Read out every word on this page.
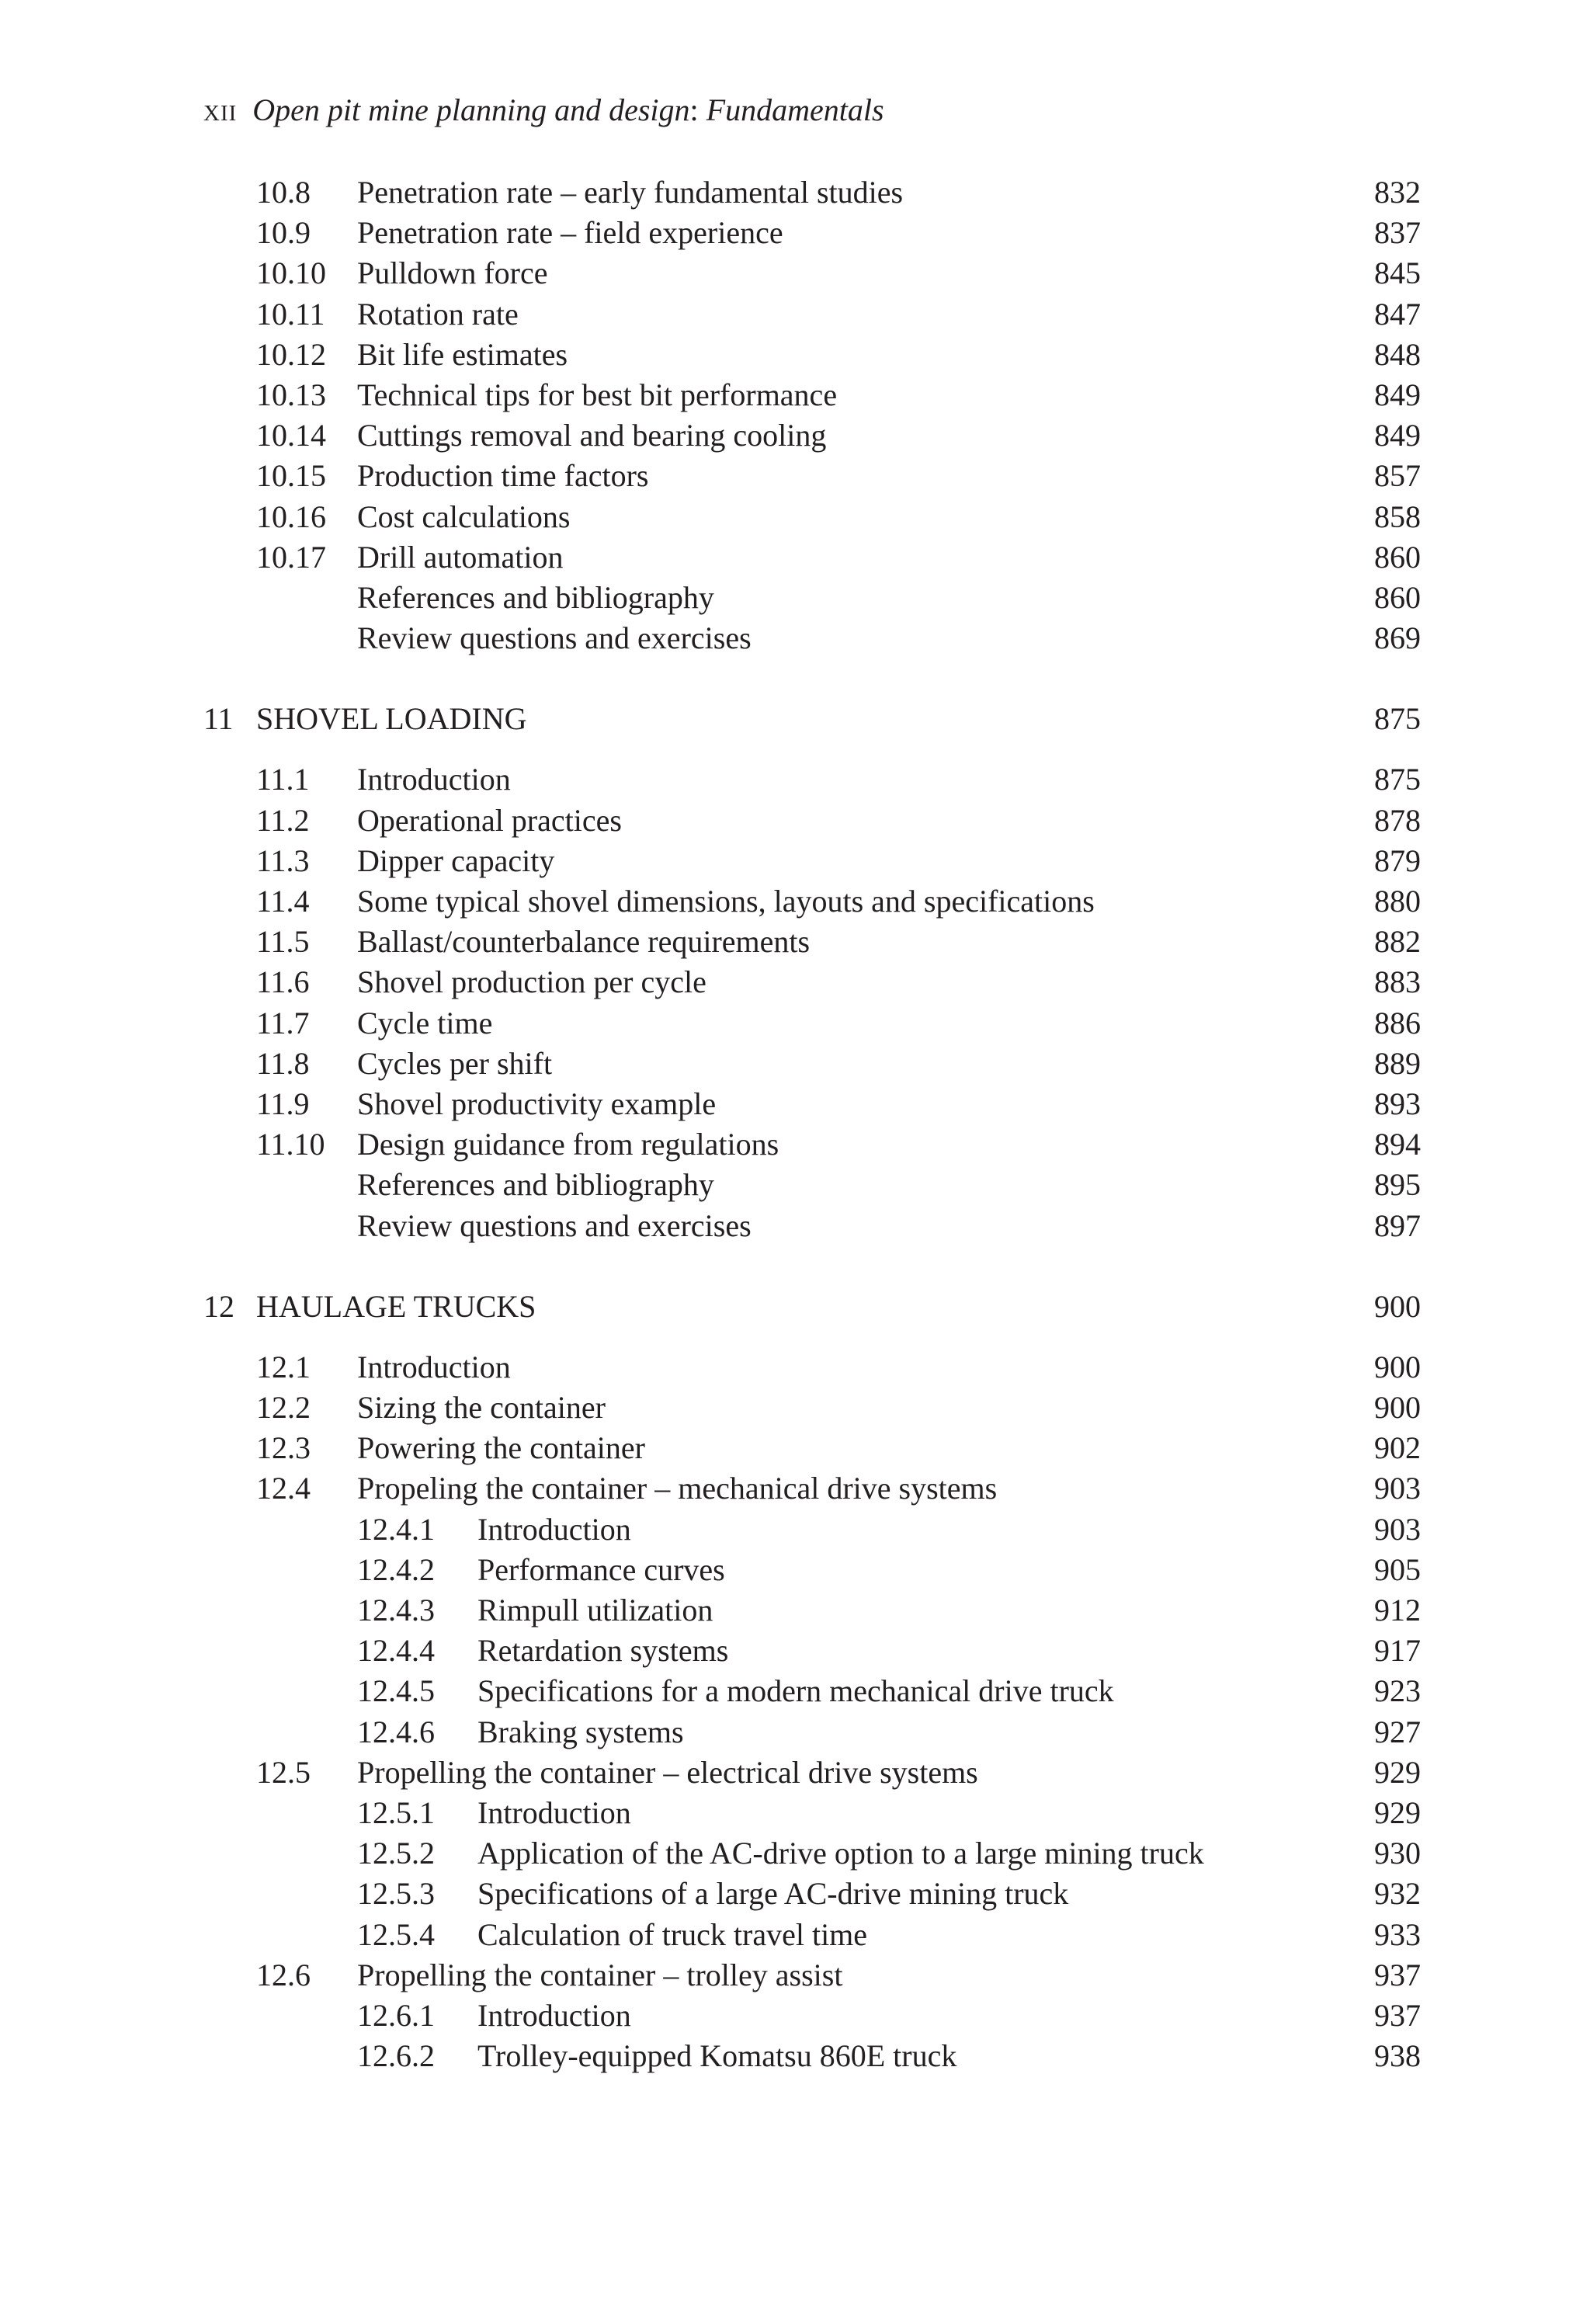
XII Open pit mine planning and design: Fundamentals
10.8 Penetration rate – early fundamental studies	832
10.9 Penetration rate – field experience	837
10.10 Pulldown force	845
10.11 Rotation rate	847
10.12 Bit life estimates	848
10.13 Technical tips for best bit performance	849
10.14 Cuttings removal and bearing cooling	849
10.15 Production time factors	857
10.16 Cost calculations	858
10.17 Drill automation	860
References and bibliography	860
Review questions and exercises	869
11 SHOVEL LOADING	875
11.1 Introduction	875
11.2 Operational practices	878
11.3 Dipper capacity	879
11.4 Some typical shovel dimensions, layouts and specifications	880
11.5 Ballast/counterbalance requirements	882
11.6 Shovel production per cycle	883
11.7 Cycle time	886
11.8 Cycles per shift	889
11.9 Shovel productivity example	893
11.10 Design guidance from regulations	894
References and bibliography	895
Review questions and exercises	897
12 HAULAGE TRUCKS	900
12.1 Introduction	900
12.2 Sizing the container	900
12.3 Powering the container	902
12.4 Propeling the container – mechanical drive systems	903
12.4.1 Introduction	903
12.4.2 Performance curves	905
12.4.3 Rimpull utilization	912
12.4.4 Retardation systems	917
12.4.5 Specifications for a modern mechanical drive truck	923
12.4.6 Braking systems	927
12.5 Propelling the container – electrical drive systems	929
12.5.1 Introduction	929
12.5.2 Application of the AC-drive option to a large mining truck	930
12.5.3 Specifications of a large AC-drive mining truck	932
12.5.4 Calculation of truck travel time	933
12.6 Propelling the container – trolley assist	937
12.6.1 Introduction	937
12.6.2 Trolley-equipped Komatsu 860E truck	938
